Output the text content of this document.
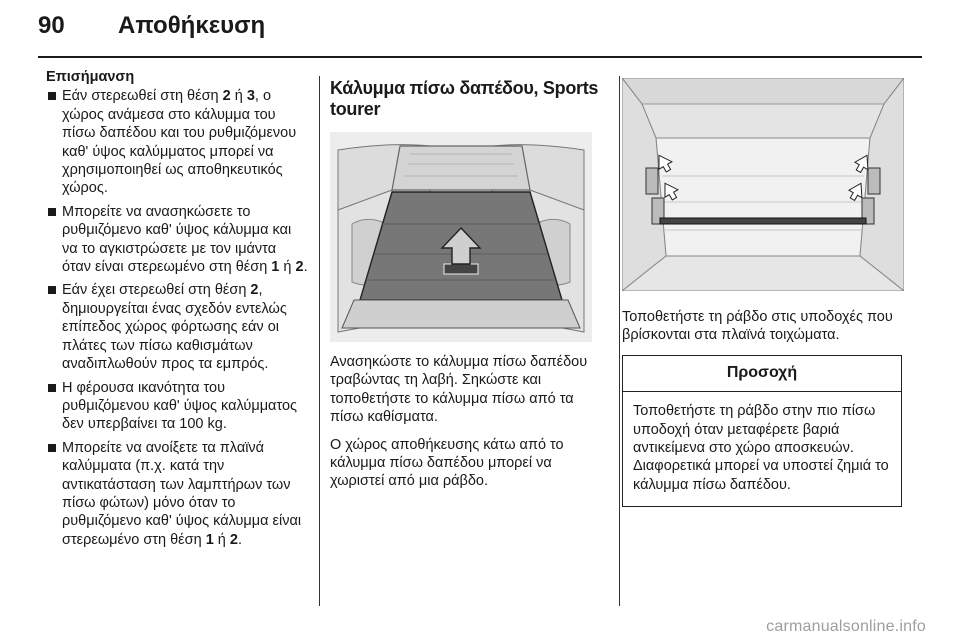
90 Αποθήκευση
Επισήμανση
Εάν στερεωθεί στη θέση 2 ή 3, ο χώρος ανάμεσα στο κάλυμμα του πίσω δαπέδου και του ρυθμιζόμενου καθ' ύψος καλύμματος μπορεί να χρησιμοποιηθεί ως αποθηκευτικός χώρος.
Μπορείτε να ανασηκώσετε το ρυθμιζόμενο καθ' ύψος κάλυμμα και να το αγκιστρώσετε με τον ιμάντα όταν είναι στερεωμένο στη θέση 1 ή 2.
Εάν έχει στερεωθεί στη θέση 2, δημιουργείται ένας σχεδόν εντελώς επίπεδος χώρος φόρτωσης εάν οι πλάτες των πίσω καθισμάτων αναδιπλωθούν προς τα εμπρός.
Η φέρουσα ικανότητα του ρυθμιζόμενου καθ' ύψος καλύμματος δεν υπερβαίνει τα 100 kg.
Μπορείτε να ανοίξετε τα πλαϊνά καλύμματα (π.χ. κατά την αντικατάσταση των λαμπτήρων των πίσω φώτων) μόνο όταν το ρυθμιζόμενο καθ' ύψος κάλυμμα είναι στερεωμένο στη θέση 1 ή 2.
Κάλυμμα πίσω δαπέδου, Sports tourer

Ανασηκώστε το κάλυμμα πίσω δαπέδου τραβώντας τη λαβή. Σηκώστε και τοποθετήστε το κάλυμμα πίσω από τα πίσω καθίσματα.

Ο χώρος αποθήκευσης κάτω από το κάλυμμα πίσω δαπέδου μπορεί να χωριστεί από μια ράβδο.

Τοποθετήστε τη ράβδο στις υποδοχές που βρίσκονται στα πλαϊνά τοιχώματα.

Προσοχή
Τοποθετήστε τη ράβδο στην πιο πίσω υποδοχή όταν μεταφέρετε βαριά αντικείμενα στο χώρο αποσκευών. Διαφορετικά μπορεί να υποστεί ζημιά το κάλυμμα πίσω δαπέδου.
carmanualsonline.info
